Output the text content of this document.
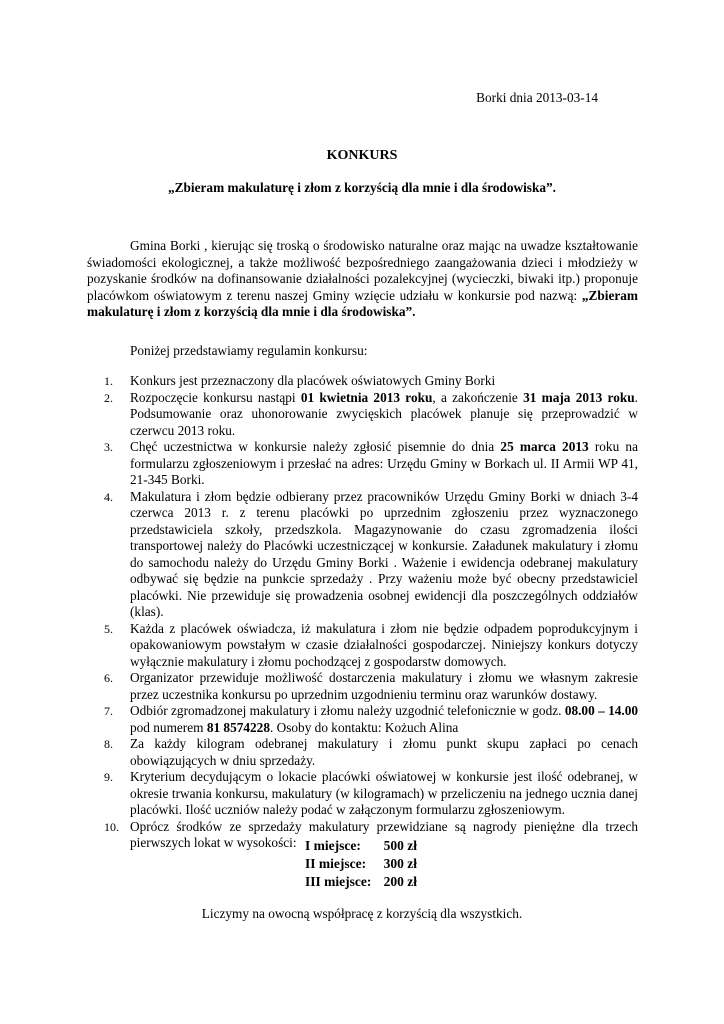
Borki dnia 2013-03-14
KONKURS
„Zbieram makulaturę i złom z korzyścią dla mnie i dla środowiska”.
Gmina Borki , kierując się troską o środowisko naturalne oraz mając na uwadze kształtowanie świadomości ekologicznej, a także możliwość bezpośredniego zaangażowania dzieci i młodzieży w pozyskanie środków na dofinansowanie działalności pozalekcyjnej (wycieczki, biwaki itp.) proponuje placówkom oświatowym z terenu naszej Gminy wzięcie udziału w konkursie pod nazwą: „Zbieram makulaturę i złom z korzyścią dla mnie i dla środowiska”.
Poniżej przedstawiamy regulamin konkursu:
1. Konkurs jest przeznaczony dla placówek oświatowych Gminy Borki
2. Rozpoczęcie konkursu nastąpi 01 kwietnia 2013 roku, a zakończenie 31 maja 2013 roku. Podsumowanie oraz uhonorowanie zwycięskich placówek planuje się przeprowadzić w czerwcu 2013 roku.
3. Chęć uczestnictwa w konkursie należy zgłosić pisemnie do dnia 25 marca 2013 roku na formularzu zgłoszeniowym i przesłać na adres: Urzędu Gminy w Borkach ul. II Armii WP 41, 21-345 Borki.
4. Makulatura i złom będzie odbierany przez pracowników Urzędu Gminy Borki w dniach 3-4 czerwca 2013 r. z terenu placówki po uprzednim zgłoszeniu przez wyznaczonego przedstawiciela szkoły, przedszkola. Magazynowanie do czasu zgromadzenia ilości transportowej należy do Placówki uczestniczącej w konkursie. Załadunek makulatury i złomu do samochodu należy do Urzędu Gminy Borki . Ważenie i ewidencja odebranej makulatury odbywać się będzie na punkcie sprzedaży . Przy ważeniu może być obecny przedstawiciel placówki. Nie przewiduje się prowadzenia osobnej ewidencji dla poszczególnych oddziałów (klas).
5. Każda z placówek oświadcza, iż makulatura i złom nie będzie odpadem poprodukcyjnym i opakowaniowym powstałym w czasie działalności gospodarczej. Niniejszy konkurs dotyczy wyłącznie makulatury i złomu pochodzącej z gospodarstw domowych.
6. Organizator przewiduje możliwość dostarczenia makulatury i złomu we własnym zakresie przez uczestnika konkursu po uprzednim uzgodnieniu terminu oraz warunków dostawy.
7. Odbiór zgromadzonej makulatury i złomu należy uzgodnić telefonicznie w godz. 08.00 – 14.00 pod numerem 81 8574228. Osoby do kontaktu: Kożuch Alina
8. Za każdy kilogram odebranej makulatury i złomu punkt skupu zapłaci po cenach obowiązujących w dniu sprzedaży.
9. Kryterium decydującym o lokacie placówki oświatowej w konkursie jest ilość odebranej, w okresie trwania konkursu, makulatury (w kilogramach) w przeliczeniu na jednego ucznia danej placówki. Ilość uczniów należy podać w załączonym formularzu zgłoszeniowym.
10. Oprócz środków ze sprzedaży makulatury przewidziane są nagrody pieniężne dla trzech pierwszych lokat w wysokości: I miejsce: 500 zł
II miejsce: 300 zł
III miejsce: 200 zł
Liczymy na owocną współpracę z korzyścią dla wszystkich.
